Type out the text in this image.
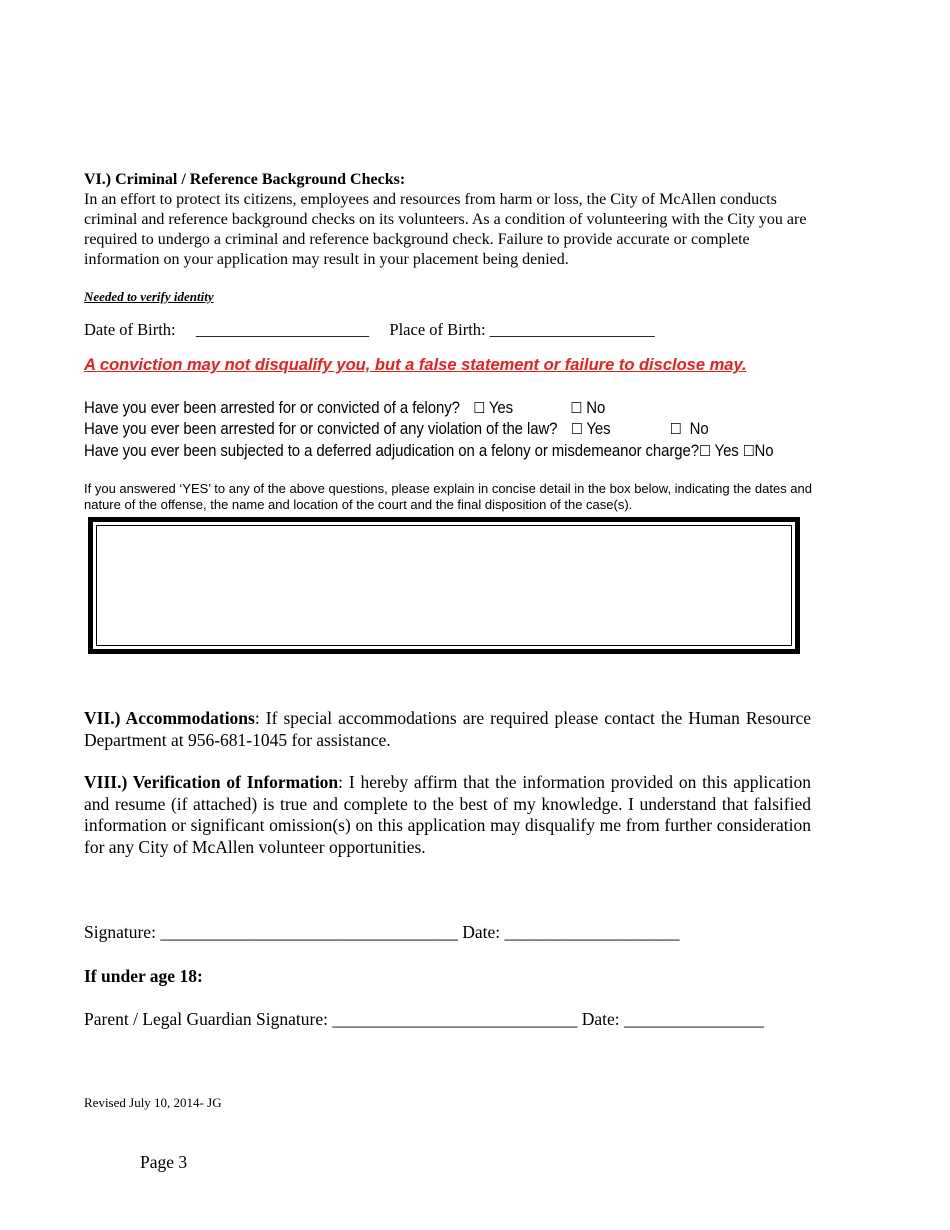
VI.) Criminal / Reference Background Checks:
In an effort to protect its citizens, employees and resources from harm or loss, the City of McAllen conducts criminal and reference background checks on its volunteers. As a condition of volunteering with the City you are required to undergo a criminal and reference background check. Failure to provide accurate or complete information on your application may result in your placement being denied.
Needed to verify identity
Date of Birth: _____________________ Place of Birth: ____________________
A conviction may not disqualify you, but a false statement or failure to disclose may.
Have you ever been arrested for or convicted of a felony? ☐ Yes	☐ No
Have you ever been arrested for or convicted of any violation of the law? ☐ Yes	☐ No
Have you ever been subjected to a deferred adjudication on a felony or misdemeanor charge?☐ Yes ☐No
If you answered ‘YES’ to any of the above questions, please explain in concise detail in the box below, indicating the dates and nature of the offense, the name and location of the court and the final disposition of the case(s).
VII.) Accommodations: If special accommodations are required please contact the Human Resource Department at 956-681-1045 for assistance.
VIII.) Verification of Information: I hereby affirm that the information provided on this application and resume (if attached) is true and complete to the best of my knowledge. I understand that falsified information or significant omission(s) on this application may disqualify me from further consideration for any City of McAllen volunteer opportunities.
Signature: __________________________________ Date: ____________________
If under age 18:
Parent / Legal Guardian Signature: ____________________________ Date: ________________
Revised July 10, 2014- JG
Page 3
